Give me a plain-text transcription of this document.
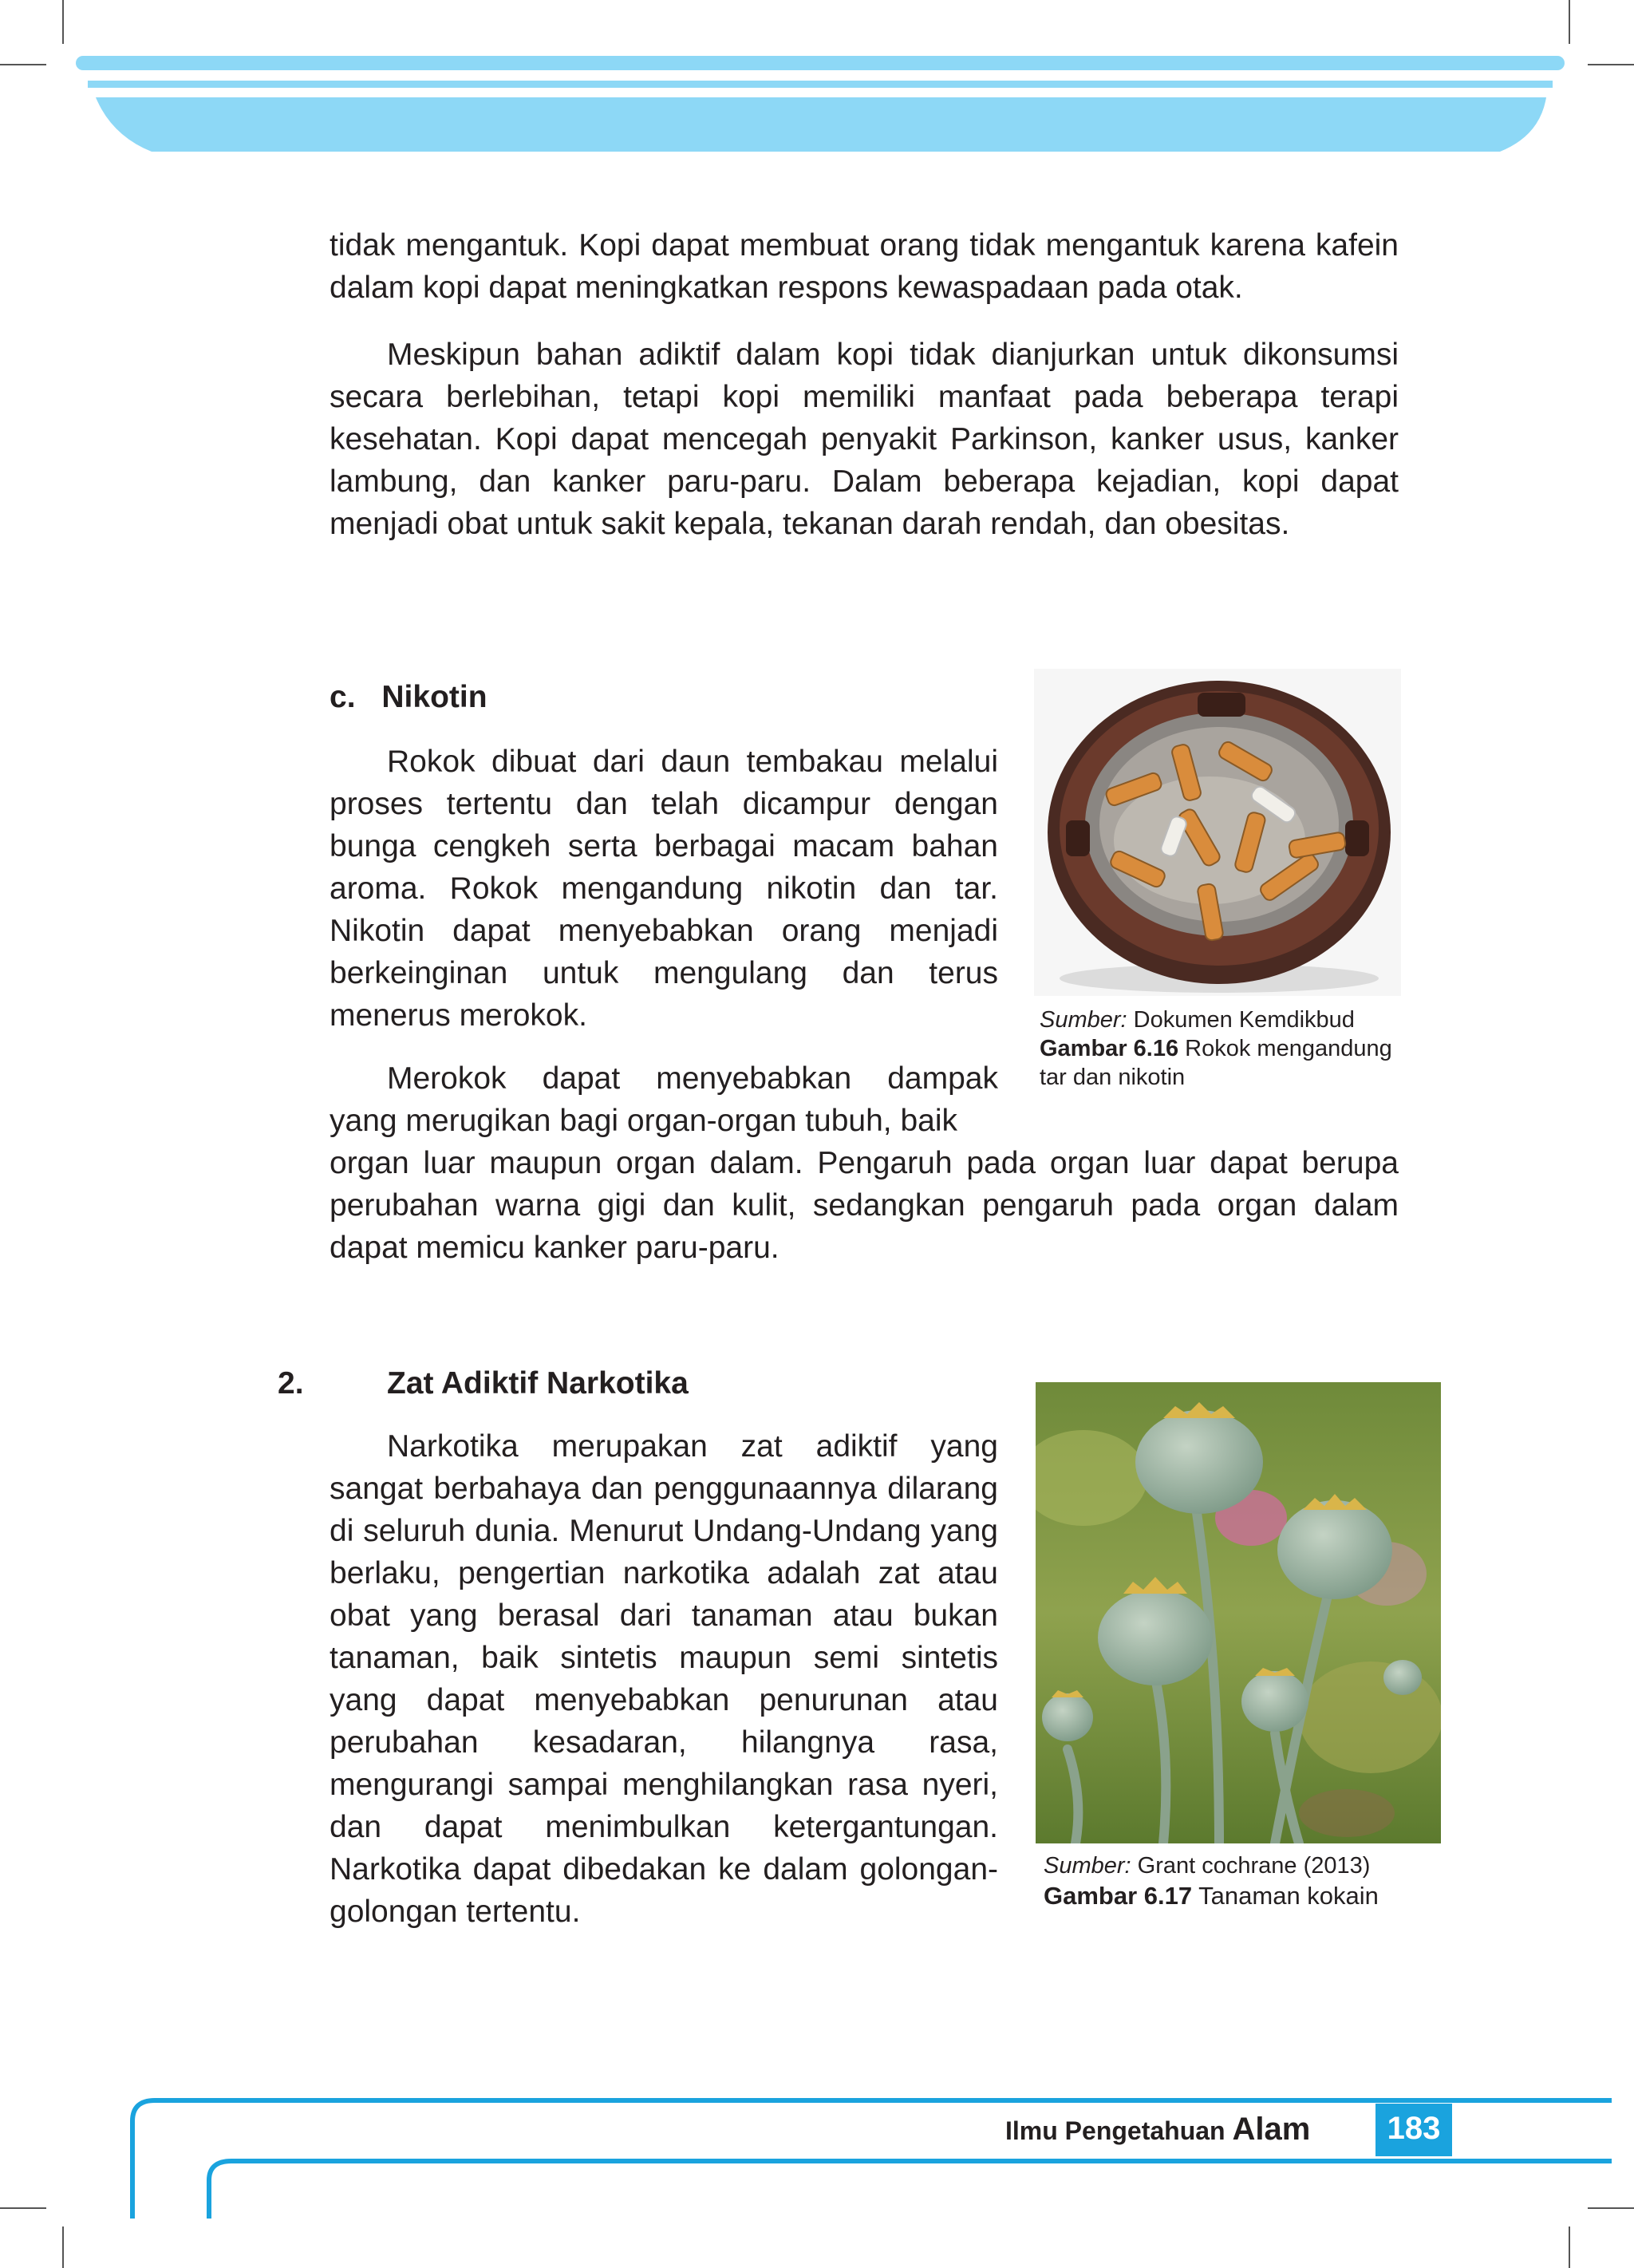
tidak mengantuk. Kopi dapat membuat orang tidak mengantuk karena kafein dalam kopi dapat meningkatkan respons kewaspadaan pada otak.

Meskipun bahan adiktif dalam kopi tidak dianjurkan untuk dikonsumsi secara berlebihan, tetapi kopi memiliki manfaat pada beberapa terapi kesehatan. Kopi dapat mencegah penyakit Parkinson, kanker usus, kanker lambung, dan kanker paru-paru. Dalam beberapa kejadian, kopi dapat menjadi obat untuk sakit kepala, tekanan darah rendah, dan obesitas.

c. Nikotin

Rokok dibuat dari daun tembakau melalui proses tertentu dan telah dicampur dengan bunga cengkeh serta berbagai macam bahan aroma. Rokok mengandung nikotin dan tar. Nikotin dapat menyebabkan orang menjadi berkeinginan untuk mengulang dan terus menerus merokok.

Merokok dapat menyebabkan dampak

yang merugikan bagi organ-organ tubuh, baik

organ luar maupun organ dalam. Pengaruh pada organ luar dapat berupa perubahan warna gigi dan kulit, sedangkan pengaruh pada organ dalam dapat memicu kanker paru-paru.

Sumber: Dokumen Kemdikbud
Gambar 6.16 Rokok mengandung tar dan nikotin
2.	Zat Adiktif Narkotika

Narkotika merupakan zat adiktif yang sangat berbahaya dan penggunaannya dilarang di seluruh dunia. Menurut Undang-Undang yang berlaku, pengertian narkotika adalah zat atau obat yang berasal dari tanaman atau bukan tanaman, baik sintetis maupun semi sintetis yang dapat menyebabkan penurunan atau perubahan kesadaran, hilangnya rasa, mengurangi sampai menghilangkan rasa nyeri, dan dapat menimbulkan ketergantungan. Narkotika dapat dibedakan ke dalam golongan-golongan tertentu.

Sumber: Grant cochrane (2013)
Gambar 6.17 Tanaman kokain
Ilmu Pengetahuan Alam	183
